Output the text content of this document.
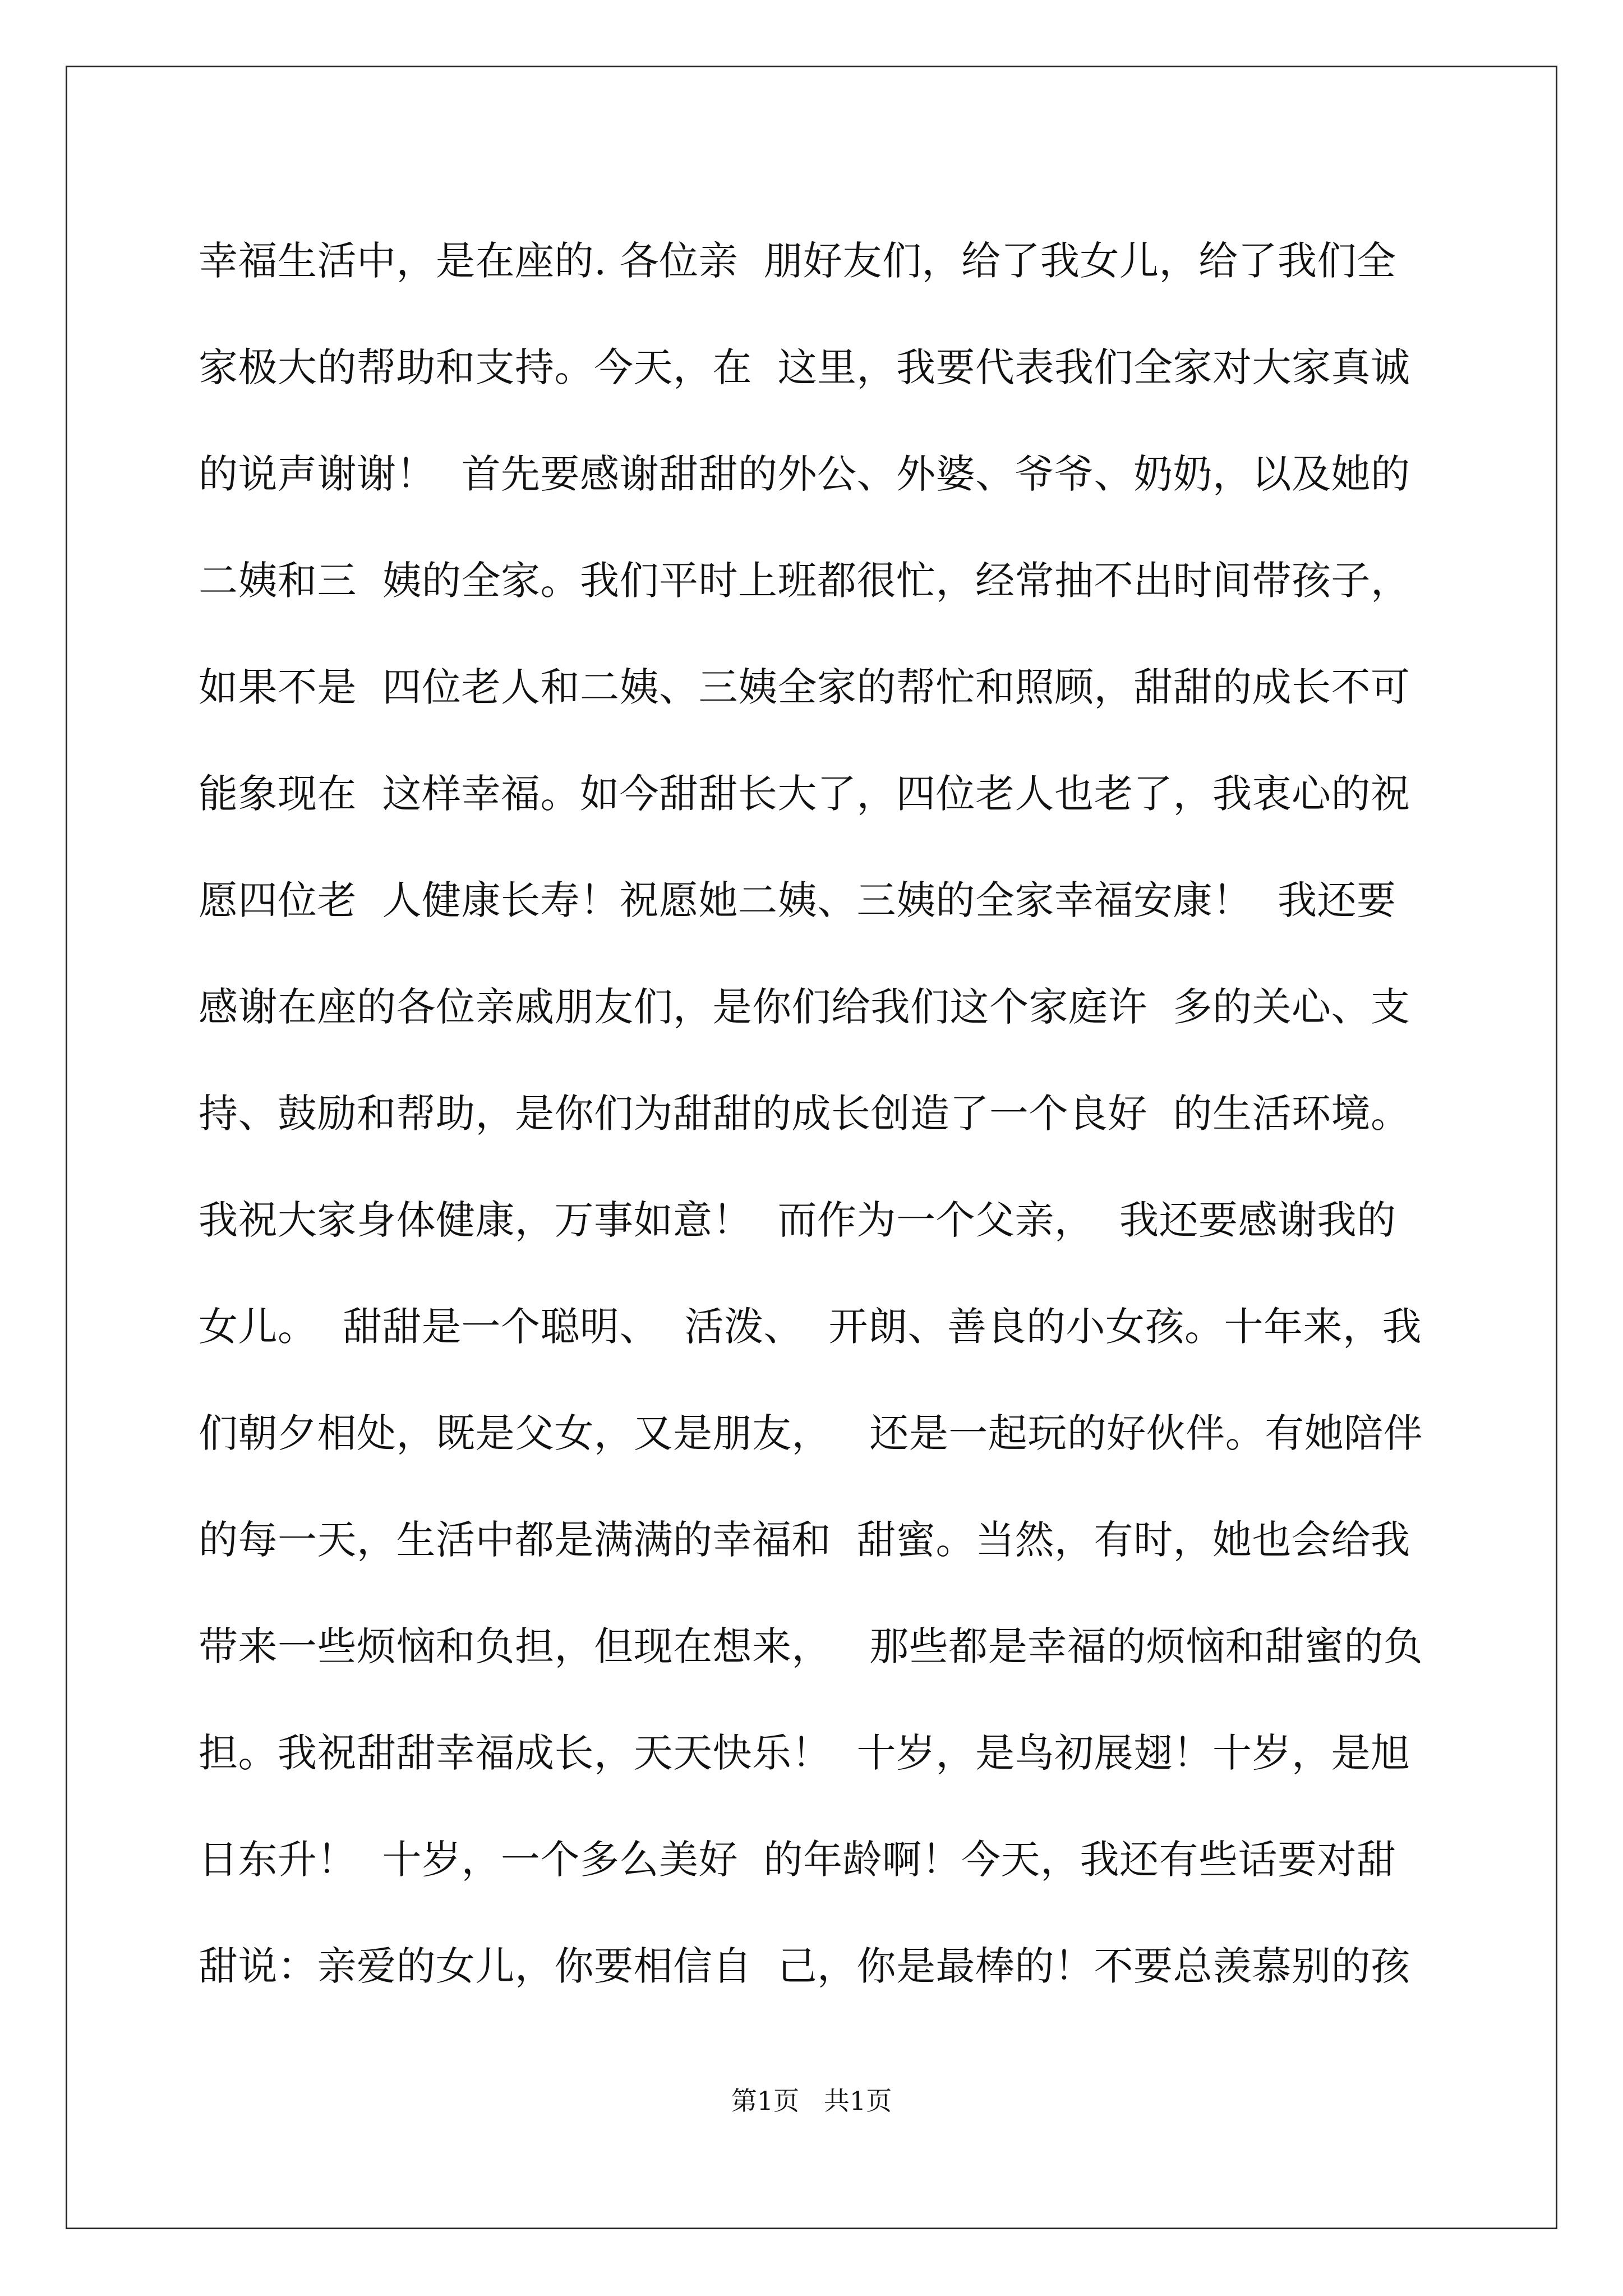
幸福生活中，是在座的. 各位亲  朋好友们，给了我女儿，给了我们全
家极大的帮助和支持。今天，在  这里，我要代表我们全家对大家真诚
的说声谢谢！  首先要感谢甜甜的外公、外婆、爷爷、奶奶，以及她的
二姨和三  姨的全家。我们平时上班都很忙，经常抽不出时间带孩子，
如果不是  四位老人和二姨、三姨全家的帮忙和照顾，甜甜的成长不可
能象现在  这样幸福。如今甜甜长大了，四位老人也老了，我衷心的祝
愿四位老  人健康长寿！祝愿她二姨、三姨的全家幸福安康！  我还要
感谢在座的各位亲戚朋友们，是你们给我们这个家庭许  多的关心、支
持、鼓励和帮助，是你们为甜甜的成长创造了一个良好  的生活环境。
我祝大家身体健康，万事如意！  而作为一个父亲，  我还要感谢我的
女儿。  甜甜是一个聪明、  活泼、  开朗、善良的小女孩。十年来，我
们朝夕相处，既是父女，又是朋友，   还是一起玩的好伙伴。有她陪伴
的每一天，生活中都是满满的幸福和  甜蜜。当然，有时，她也会给我
带来一些烦恼和负担，但现在想来，   那些都是幸福的烦恼和甜蜜的负
担。我祝甜甜幸福成长，天天快乐！  十岁，是鸟初展翅！十岁，是旭
日东升！  十岁，一个多么美好  的年龄啊！今天，我还有些话要对甜
甜说：亲爱的女儿，你要相信自  己，你是最棒的！不要总羡慕别的孩
第1页   共1页
